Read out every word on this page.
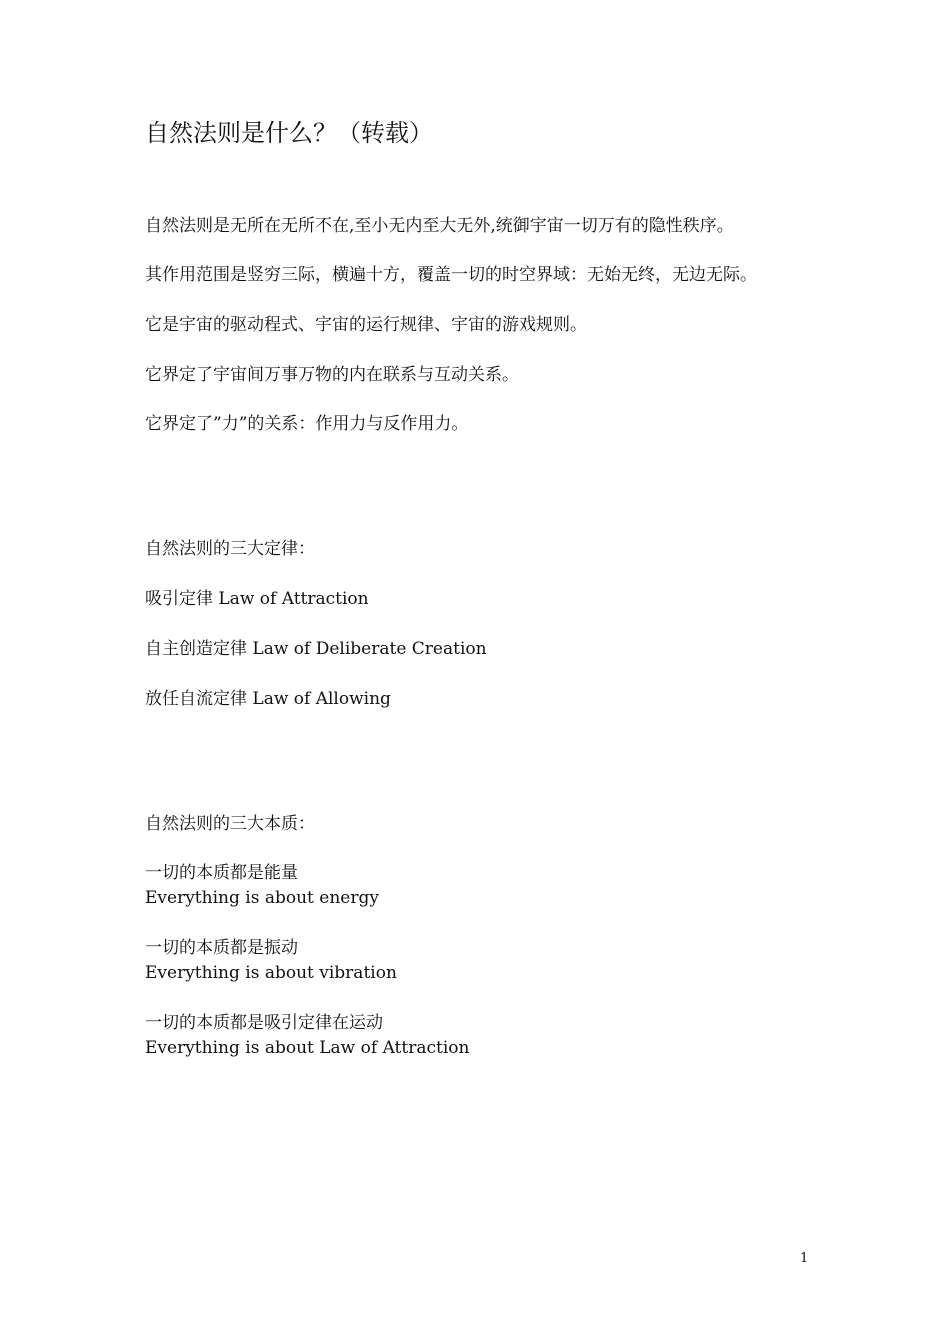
自然法则是什么？（转载）
自然法则是无所在无所不在,至小无内至大无外,统御宇宙一切万有的隐性秩序。
其作用范围是竖穷三际，横遍十方，覆盖一切的时空界域：无始无终，无边无际。
它是宇宙的驱动程式、宇宙的运行规律、宇宙的游戏规则。
它界定了宇宙间万事万物的内在联系与互动关系。
它界定了”力”的关系：作用力与反作用力。
自然法则的三大定律：
吸引定律 Law of Attraction
自主创造定律 Law of Deliberate Creation
放任自流定律 Law of Allowing
自然法则的三大本质：
一切的本质都是能量
Everything is about energy
一切的本质都是振动
Everything is about vibration
一切的本质都是吸引定律在运动
Everything is about Law of Attraction
1
